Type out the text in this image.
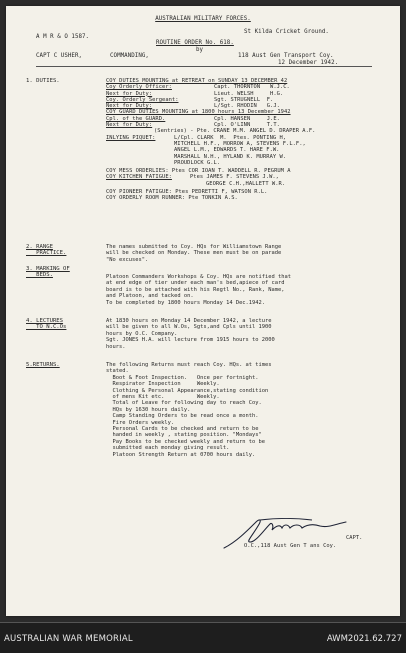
AUSTRALIAN MILITARY FORCES.
A M R & O 1587.
St Kilda Cricket Ground.
ROUTINE ORDER No. 618.
by
CAPT C USHER,	COMMANDING,	118 Aust Gen Transport Coy.
12 December 1942.
1. DUTIES.	COY DUTIES MOUNTING at RETREAT on SUNDAY 13 DECEMBER 42
Coy Orderly Officer:	Capt. THORNTON   W.J.C.
Next for Duty:	Lieut. WELSH     H.G.
Coy. Orderly Sergeant:	Sgt. STRUGNELL  F.
Next for Duty:	L/Sgt. RHODIN   G.J.
COY GUARD DUTIES MOUNTING at 1800 hours 13 December 1942
Cpl. of the GUARD.	Cpl. HANSEN     J.E.
Next for Duty:	Cpl. O'LINN     T.T.
(Sentries) - Pte. CRANE M.M. ANGEL D. DRAPER A.F.
INLYING PIQUET:	L/Cpl. CLARK  M.  Ptes. PONTING H,
MITCHELL H.F., MORROW A, STEVENS F.L.F.,
ANGEL L.M., EDWARDS T. HARE F.W.
MARSHALL N.H., HYLAND K. MURRAY W.
PROUDLOCK G.L.
COY MESS ORDERLIES: Ptes COR IOAN T. WADDELL R. PEGRUM A
COY KITCHEN FATIGUE:	Ptes JAMES F. STEVENS J.W.,
GEORGE C.H.,HALLETT W.R.
COY PIONEER FATIGUE: Ptes PEDRETTI F, WATSON R.L.
COY ORDERLY ROOM RUNNER: Pte TONKIN A.S.
2. RANGE
PRACTICE.

The names submitted to Coy. HQs for Williamstown Range

will be checked on Monday. These men must be on parade

"No excuses".

3. MARKING OF
BEDS.	Platoon Commanders Workshops & Coy. HQs are notified that

at end edge of tier under each man's bed,apiece of card

board is to be attached with his Regtl No., Rank, Name,

and Platoon, and tacked on.

To be completed by 1800 hours Monday 14 Dec.1942.

4. LECTURES
TO N.C.Os

At 1830 hours on Monday 14 December 1942, a lecture

will be given to all W.Os, Sgts,and Cpls until 1900

hours by O.C. Company.

Sgt. JONES H.A. will lecture from 1915 hours to 2000

hours.

5.RETURNS.	The following Returns must reach Coy. HQs. at times

stated.

Boot & Foot Inspection.   Once per fortnight.

Respirator Inspection     Weekly.

Clothing & Personal Appearance,stating condition

of mens Kit etc.          Weekly.

Total of Leave for following day to reach Coy.

HQs by 1630 hours daily.

Camp Standing Orders to be read once a month.

Fire Orders weekly.

Personal Cards to be checked and return to be

handed in weekly , stating position. "Mondays"

Pay Books to be checked weekly and return to be

submitted each monday giving result.

Platoon Strength Return at 0700 hours daily.

CAPT.
O.C.,118 Aust Gen T ans Coy.
AUSTRALIAN WAR MEMORIAL	AWM2021.62.727
